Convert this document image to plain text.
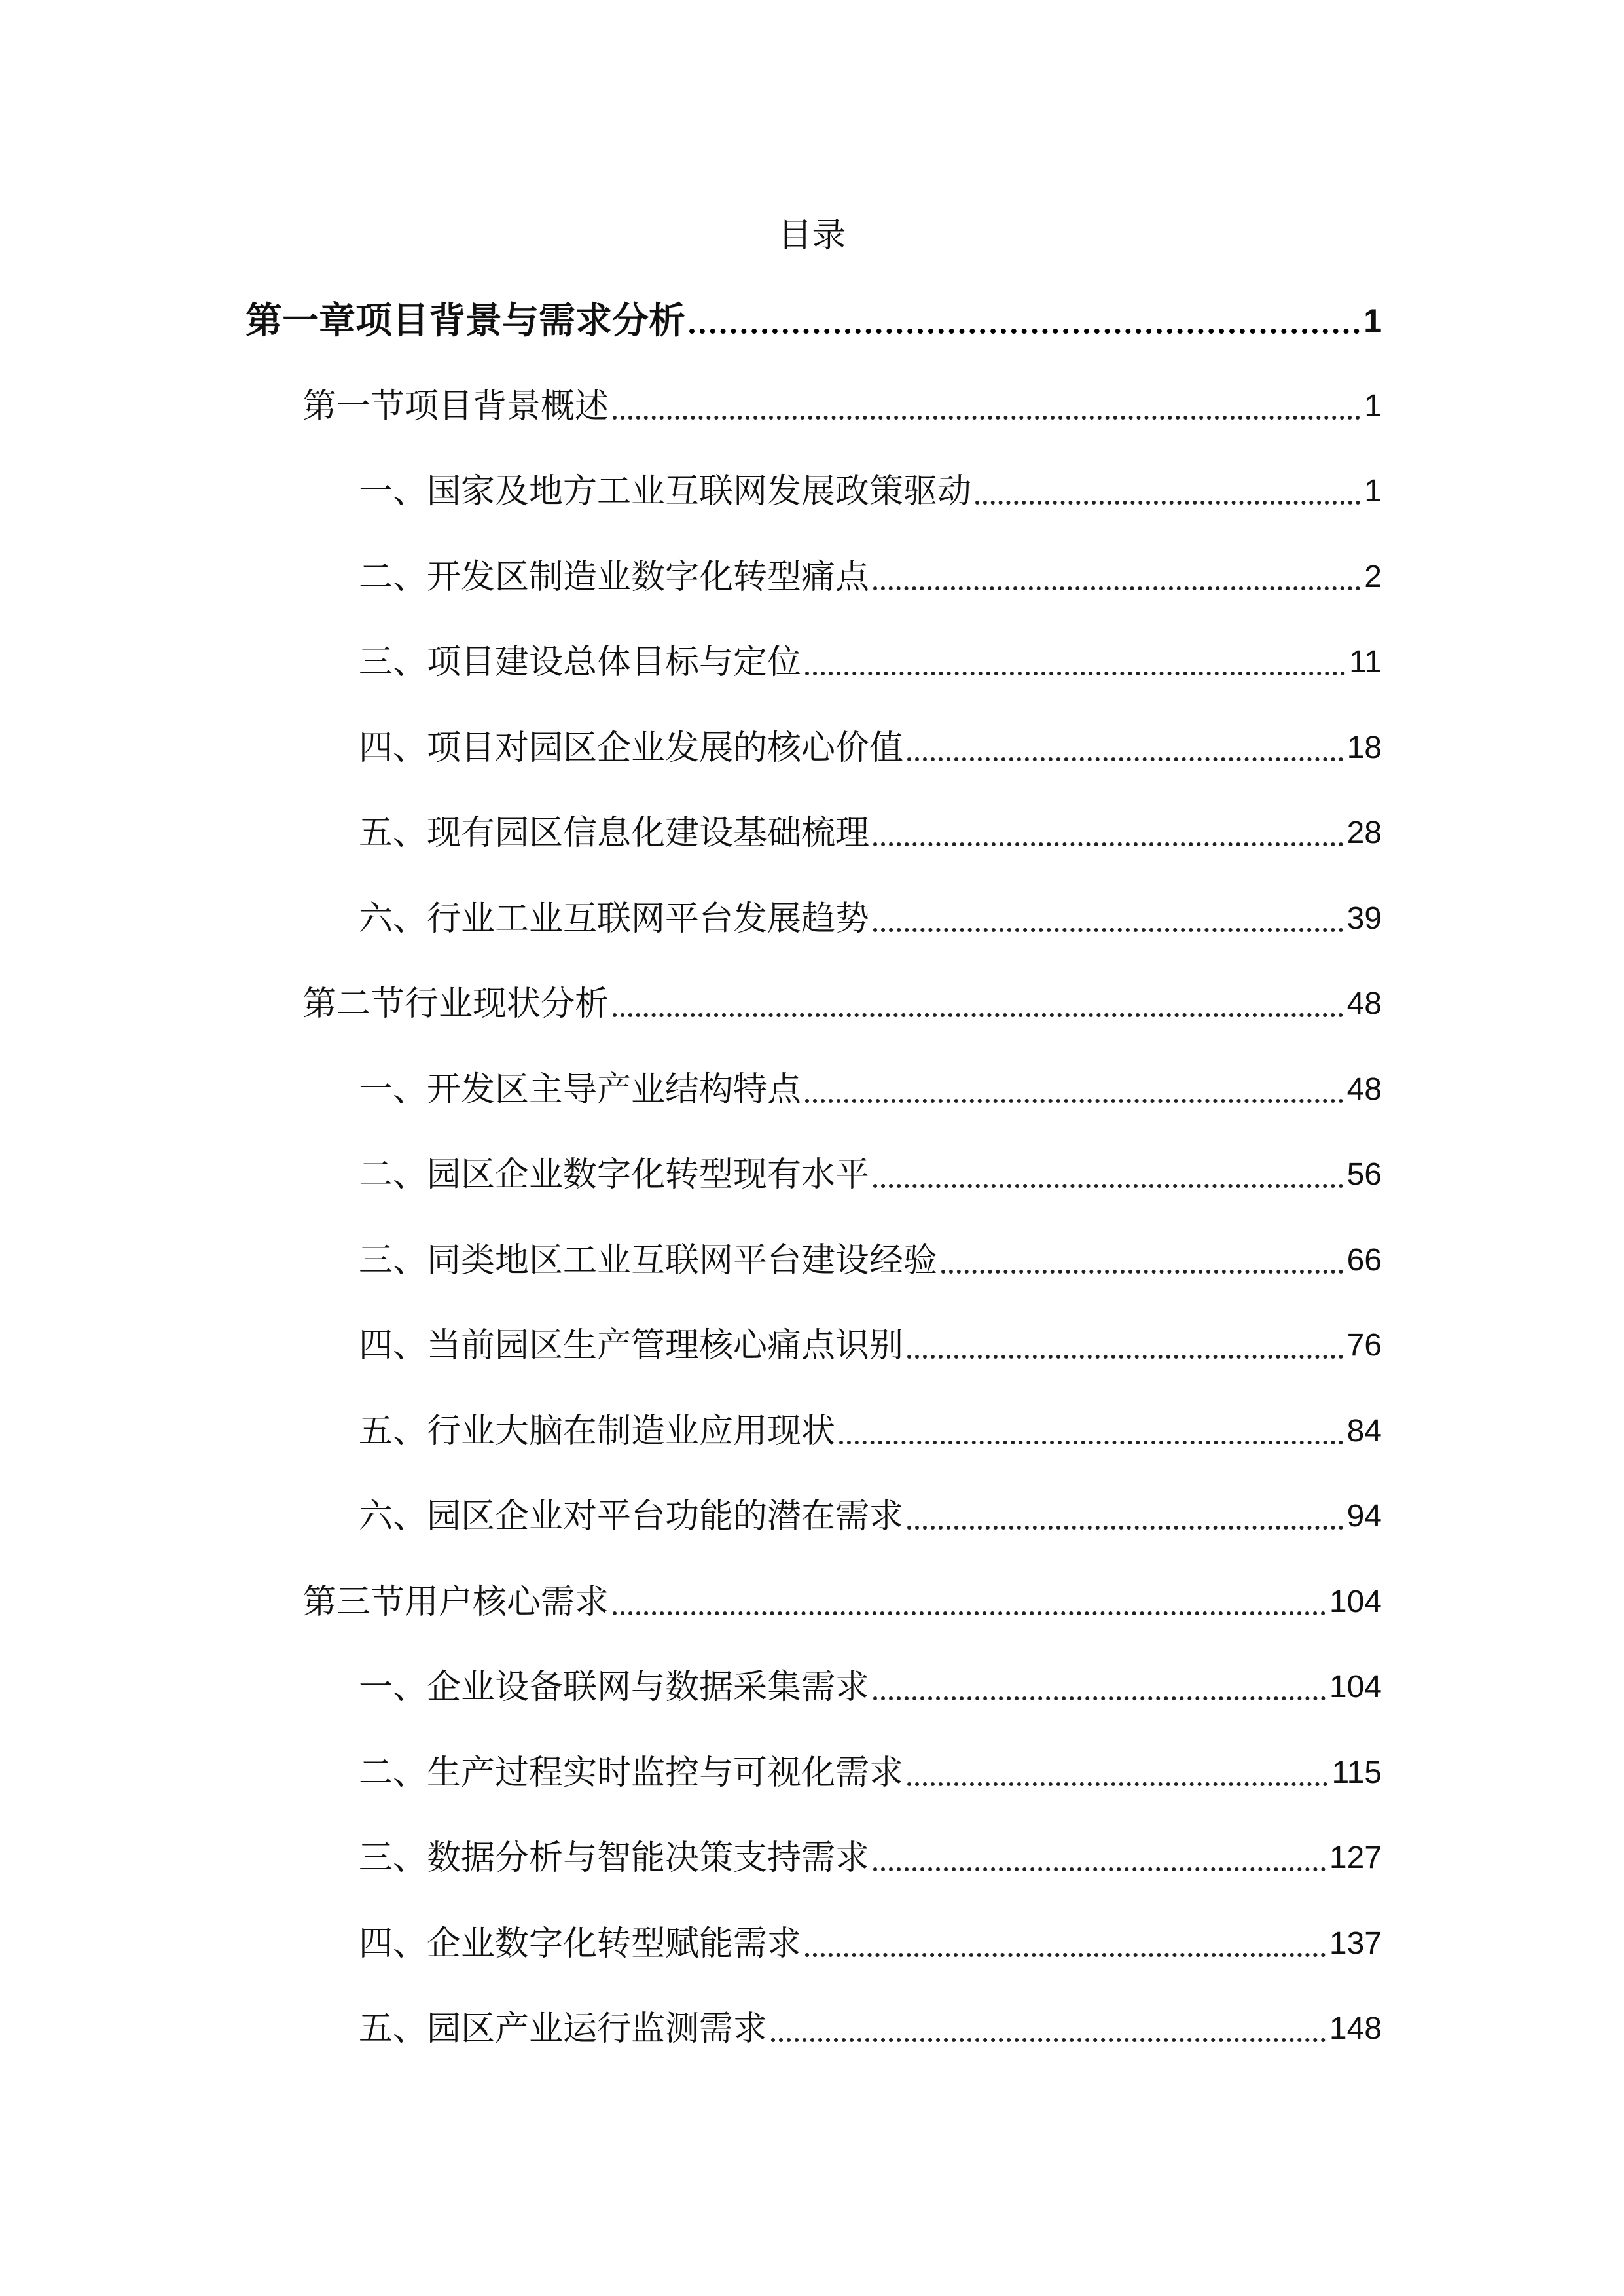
目录
第一章项目背景与需求分析	1
第一节项目背景概述	1
一、国家及地方工业互联网发展政策驱动	1
二、开发区制造业数字化转型痛点	2
三、项目建设总体目标与定位	11
四、项目对园区企业发展的核心价值	18
五、现有园区信息化建设基础梳理	28
六、行业工业互联网平台发展趋势	39
第二节行业现状分析	48
一、开发区主导产业结构特点	48
二、园区企业数字化转型现有水平	56
三、同类地区工业互联网平台建设经验	66
四、当前园区生产管理核心痛点识别	76
五、行业大脑在制造业应用现状	84
六、园区企业对平台功能的潜在需求	94
第三节用户核心需求	104
一、企业设备联网与数据采集需求	104
二、生产过程实时监控与可视化需求	115
三、数据分析与智能决策支持需求	127
四、企业数字化转型赋能需求	137
五、园区产业运行监测需求	148
